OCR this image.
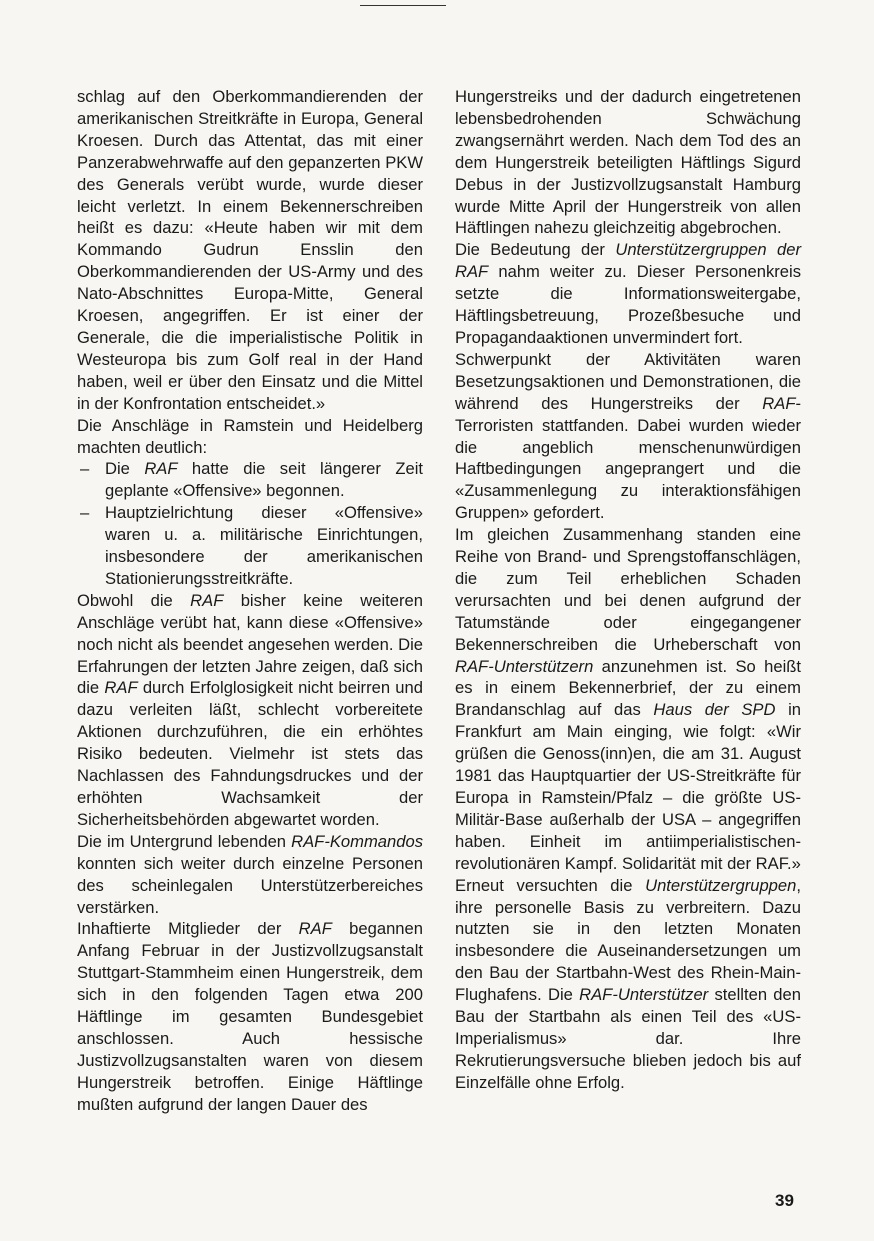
schlag auf den Oberkommandierenden der amerikanischen Streitkräfte in Europa, General Kroesen. Durch das Attentat, das mit einer Panzerabwehrwaffe auf den gepanzerten PKW des Generals verübt wurde, wurde dieser leicht verletzt. In einem Bekennerschreiben heißt es dazu: «Heute haben wir mit dem Kommando Gudrun Ensslin den Oberkommandierenden der US-Army und des Nato-Abschnittes Europa-Mitte, General Kroesen, angegriffen. Er ist einer der Generale, die die imperialistische Politik in Westeuropa bis zum Golf real in der Hand haben, weil er über den Einsatz und die Mittel in der Konfrontation entscheidet.»

Die Anschläge in Ramstein und Heidelberg machten deutlich:

– Die RAF hatte die seit längerer Zeit geplante «Offensive» begonnen.
– Hauptzielrichtung dieser «Offensive» waren u. a. militärische Einrichtungen, insbesondere der amerikanischen Stationierungsstreitkräfte.

Obwohl die RAF bisher keine weiteren Anschläge verübt hat, kann diese «Offensive» noch nicht als beendet angesehen werden. Die Erfahrungen der letzten Jahre zeigen, daß sich die RAF durch Erfolglosigkeit nicht beirren und dazu verleiten läßt, schlecht vorbereitete Aktionen durchzuführen, die ein erhöhtes Risiko bedeuten. Vielmehr ist stets das Nachlassen des Fahndungsdruckes und der erhöhten Wachsamkeit der Sicherheitsbehörden abgewartet worden.

Die im Untergrund lebenden RAF-Kommandos konnten sich weiter durch einzelne Personen des scheinlegalen Unterstützerbereiches verstärken.

Inhaftierte Mitglieder der RAF begannen Anfang Februar in der Justizvollzugsanstalt Stuttgart-Stammheim einen Hungerstreik, dem sich in den folgenden Tagen etwa 200 Häftlinge im gesamten Bundesgebiet anschlossen. Auch hessische Justizvollzugsanstalten waren von diesem Hungerstreik betroffen. Einige Häftlinge mußten aufgrund der langen Dauer des

Hungerstreiks und der dadurch eingetretenen lebensbedrohenden Schwächung zwangsernährt werden. Nach dem Tod des an dem Hungerstreik beteiligten Häftlings Sigurd Debus in der Justizvollzugsanstalt Hamburg wurde Mitte April der Hungerstreik von allen Häftlingen nahezu gleichzeitig abgebrochen.

Die Bedeutung der Unterstützergruppen der RAF nahm weiter zu. Dieser Personenkreis setzte die Informationsweitergabe, Häftlingsbetreuung, Prozeßbesuche und Propagandaaktionen unvermindert fort.

Schwerpunkt der Aktivitäten waren Besetzungsaktionen und Demonstrationen, die während des Hungerstreiks der RAF-Terroristen stattfanden. Dabei wurden wieder die angeblich menschenunwürdigen Haftbedingungen angeprangert und die «Zusammenlegung zu interaktionsfähigen Gruppen» gefordert.

Im gleichen Zusammenhang standen eine Reihe von Brand- und Sprengstoffanschlägen, die zum Teil erheblichen Schaden verursachten und bei denen aufgrund der Tatumstände oder eingegangener Bekennerschreiben die Urheberschaft von RAF-Unterstützern anzunehmen ist. So heißt es in einem Bekennerbrief, der zu einem Brandanschlag auf das Haus der SPD in Frankfurt am Main einging, wie folgt: «Wir grüßen die Genoss(inn)en, die am 31. August 1981 das Hauptquartier der US-Streitkräfte für Europa in Ramstein/Pfalz – die größte US-Militär-Base außerhalb der USA – angegriffen haben. Einheit im antiimperialistischen-revolutionären Kampf. Solidarität mit der RAF.»

Erneut versuchten die Unterstützergruppen, ihre personelle Basis zu verbreitern. Dazu nutzten sie in den letzten Monaten insbesondere die Auseinandersetzungen um den Bau der Startbahn-West des Rhein-Main-Flughafens. Die RAF-Unterstützer stellten den Bau der Startbahn als einen Teil des «US-Imperialismus» dar. Ihre Rekrutierungsversuche blieben jedoch bis auf Einzelfälle ohne Erfolg.

39
